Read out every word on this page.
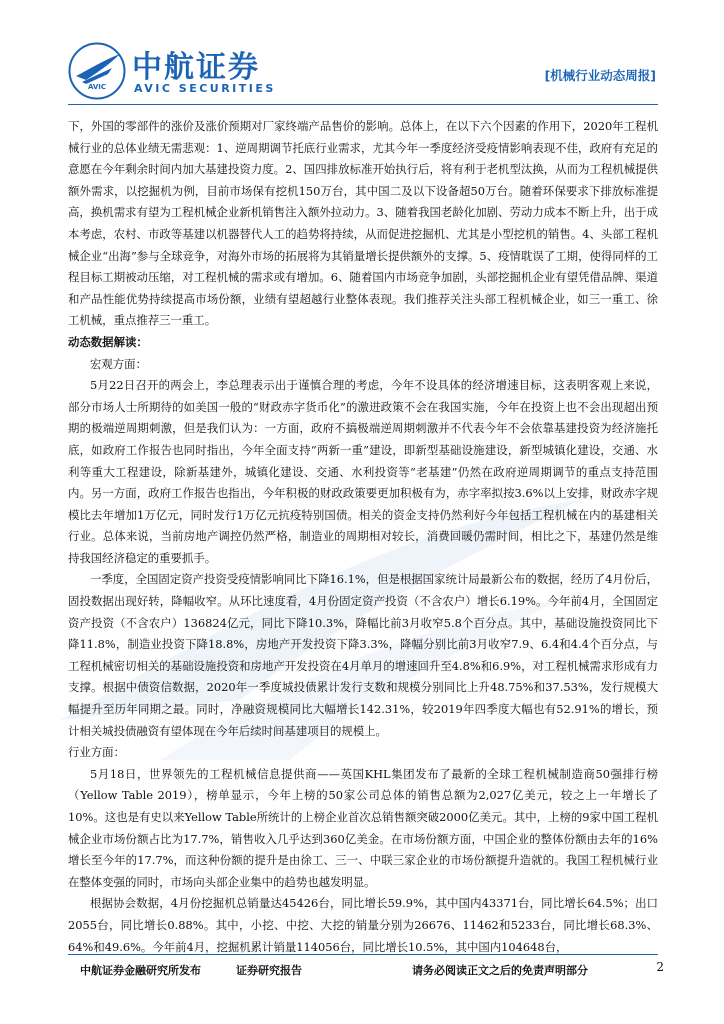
AVIC
中航证券
AVIC SECURITIES
[机械行业动态周报]

下，外国的零部件的涨价及涨价预期对厂家终端产品售价的影响。总体上，在以下六个因素的作用下，2020年工程机械行业的总体业绩无需悲观：1、逆周期调节托底行业需求，尤其今年一季度经济受疫情影响表现不佳，政府有充足的意愿在今年剩余时间内加大基建投资力度。2、国四排放标准开始执行后，将有利于老机型汰换，从而为工程机械提供额外需求，以挖掘机为例，目前市场保有挖机150万台，其中国二及以下设备超50万台。随着环保要求下排放标准提高，换机需求有望为工程机械企业新机销售注入额外拉动力。3、随着我国老龄化加剧、劳动力成本不断上升，出于成本考虑，农村、市政等基建以机器替代人工的趋势将持续，从而促进挖掘机、尤其是小型挖机的销售。4、头部工程机械企业“出海”参与全球竞争，对海外市场的拓展将为其销量增长提供额外的支撑。5、疫情耽误了工期，使得同样的工程目标工期被动压缩，对工程机械的需求或有增加。6、随着国内市场竞争加剧，头部挖掘机企业有望凭借品牌、渠道和产品性能优势持续提高市场份额，业绩有望超越行业整体表现。我们推荐关注头部工程机械企业，如三一重工、徐工机械，重点推荐三一重工。

动态数据解读：

宏观方面：

5月22日召开的两会上，李总理表示出于谨慎合理的考虑，今年不设具体的经济增速目标，这表明客观上来说，部分市场人士所期待的如美国一般的“财政赤字货币化”的激进政策不会在我国实施，今年在投资上也不会出现超出预期的极端逆周期刺激，但是我们认为：一方面，政府不搞极端逆周期刺激并不代表今年不会依靠基建投资为经济施托底，如政府工作报告也同时指出，今年全面支持“两新一重”建设，即新型基础设施建设，新型城镇化建设，交通、水利等重大工程建设，除新基建外，城镇化建设、交通、水利投资等“老基建”仍然在政府逆周期调节的重点支持范围内。另一方面，政府工作报告也指出，今年积极的财政政策要更加积极有为，赤字率拟按3.6%以上安排，财政赤字规模比去年增加1万亿元，同时发行1万亿元抗疫特别国债。相关的资金支持仍然利好今年包括工程机械在内的基建相关行业。总体来说，当前房地产调控仍然严格，制造业的周期相对较长，消费回暖仍需时间，相比之下，基建仍然是维持我国经济稳定的重要抓手。

一季度，全国固定资产投资受疫情影响同比下降16.1%，但是根据国家统计局最新公布的数据，经历了4月份后，固投数据出现好转，降幅收窄。从环比速度看，4月份固定资产投资（不含农户）增长6.19%。今年前4月，全国固定资产投资（不含农户）136824亿元，同比下降10.3%，降幅比前3月收窄5.8个百分点。其中，基础设施投资同比下降11.8%，制造业投资下降18.8%，房地产开发投资下降3.3%，降幅分别比前3月收窄7.9、6.4和4.4个百分点，与工程机械密切相关的基础设施投资和房地产开发投资在4月单月的增速回升至4.8%和6.9%，对工程机械需求形成有力支撑。根据中债资信数据，2020年一季度城投债累计发行支数和规模分别同比上升48.75%和37.53%，发行规模大幅提升至历年同期之最。同时，净融资规模同比大幅增长142.31%，较2019年四季度大幅也有52.91%的增长，预计相关城投债融资有望体现在今年后续时间基建项目的规模上。

行业方面：

5月18日，世界领先的工程机械信息提供商——英国KHL集团发布了最新的全球工程机械制造商50强排行榜（Yellow Table 2019），榜单显示，今年上榜的50家公司总体的销售总额为2,027亿美元，较之上一年增长了10%。这也是有史以来Yellow Table所统计的上榜企业首次总销售额突破2000亿美元。其中，上榜的9家中国工程机械企业市场份额占比为17.7%，销售收入几乎达到360亿美金。在市场份额方面，中国企业的整体份额由去年的16%增长至今年的17.7%，而这种份额的提升是由徐工、三一、中联三家企业的市场份额提升造就的。我国工程机械行业在整体变强的同时，市场向头部企业集中的趋势也越发明显。

根据协会数据，4月份挖掘机总销量达45426台，同比增长59.9%，其中国内43371台，同比增长64.5%；出口2055台，同比增长0.88%。其中，小挖、中挖、大挖的销量分别为26676、11462和5233台，同比增长68.3%、64%和49.6%。今年前4月，挖掘机累计销量114056台，同比增长10.5%，其中国内104648台，

中航证券金融研究所发布	证券研究报告	请务必阅读正文之后的免责声明部分	2
